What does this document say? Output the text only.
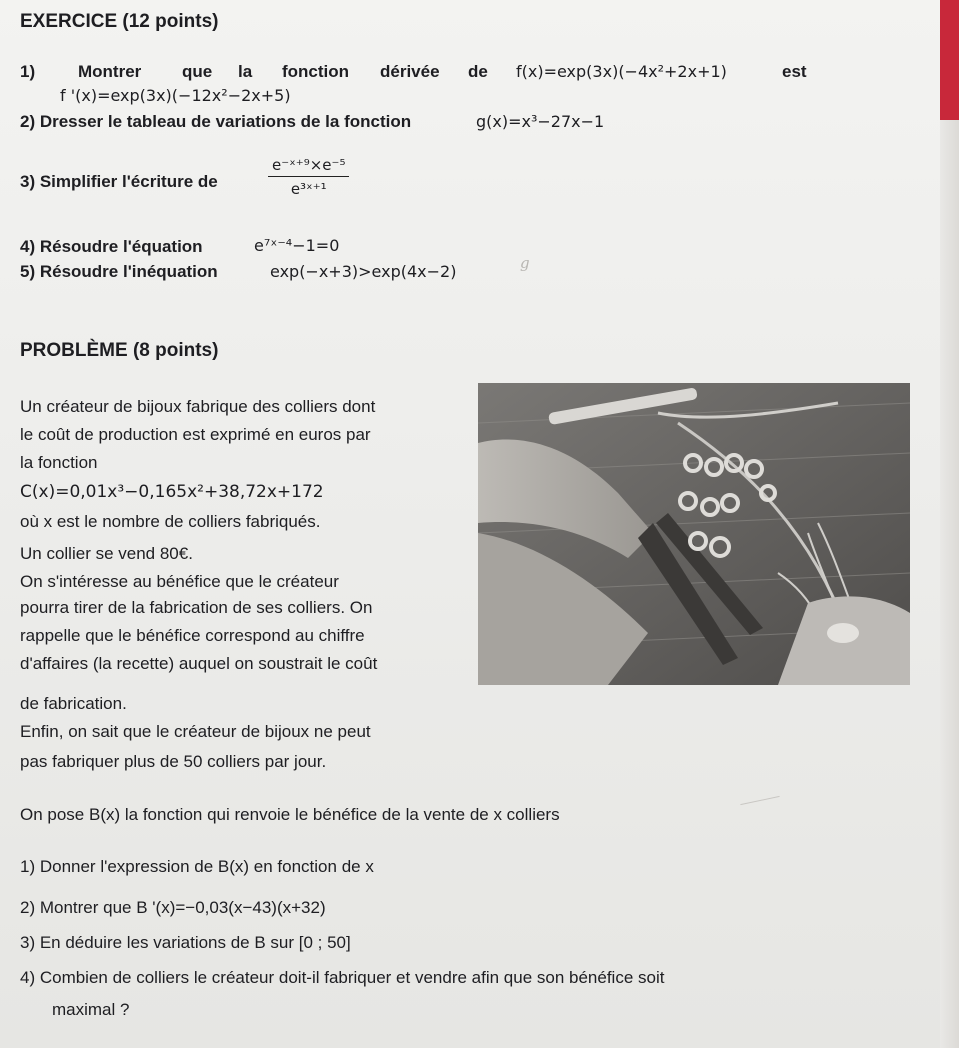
EXERCICE (12 points)
1)	Montrer que la fonction dérivée de f(x)=exp(3x)(−4x²+2x+1)	est
f '(x)=exp(3x)(−12x²−2x+5)
2) Dresser le tableau de variations de la fonction	g(x)=x³−27x−1
3) Simplifier l'écriture de	$\frac{\text{e⁻ˣ⁺⁹×e⁻⁵}}{\text{e³ˣ⁺¹}}$
4) Résoudre l'équation	e⁷ˣ⁻⁴−1=0
5) Résoudre l'inéquation	exp(−x+3)>exp(4x−2)
PROBLÈME (8 points)
Un créateur de bijoux fabrique des colliers dont
le coût de production est exprimé en euros par
la fonction
C(x)=0,01x³−0,165x²+38,72x+172
où x est le nombre de colliers fabriqués.
Un collier se vend 80€.
On s'intéresse au bénéfice que le créateur
pourra tirer de la fabrication de ses colliers. On
rappelle que le bénéfice correspond au chiffre
d'affaires (la recette) auquel on soustrait le coût
de fabrication.
Enfin, on sait que le créateur de bijoux ne peut
pas fabriquer plus de 50 colliers par jour.
On pose B(x) la fonction qui renvoie le bénéfice de la vente de x colliers
1) Donner l'expression de B(x) en fonction de x
2) Montrer que B '(x)=−0,03(x−43)(x+32)
3) En déduire les variations de B sur [0 ; 50]
4) Combien de colliers le créateur doit-il fabriquer et vendre afin que son bénéfice soit
maximal ?
g
